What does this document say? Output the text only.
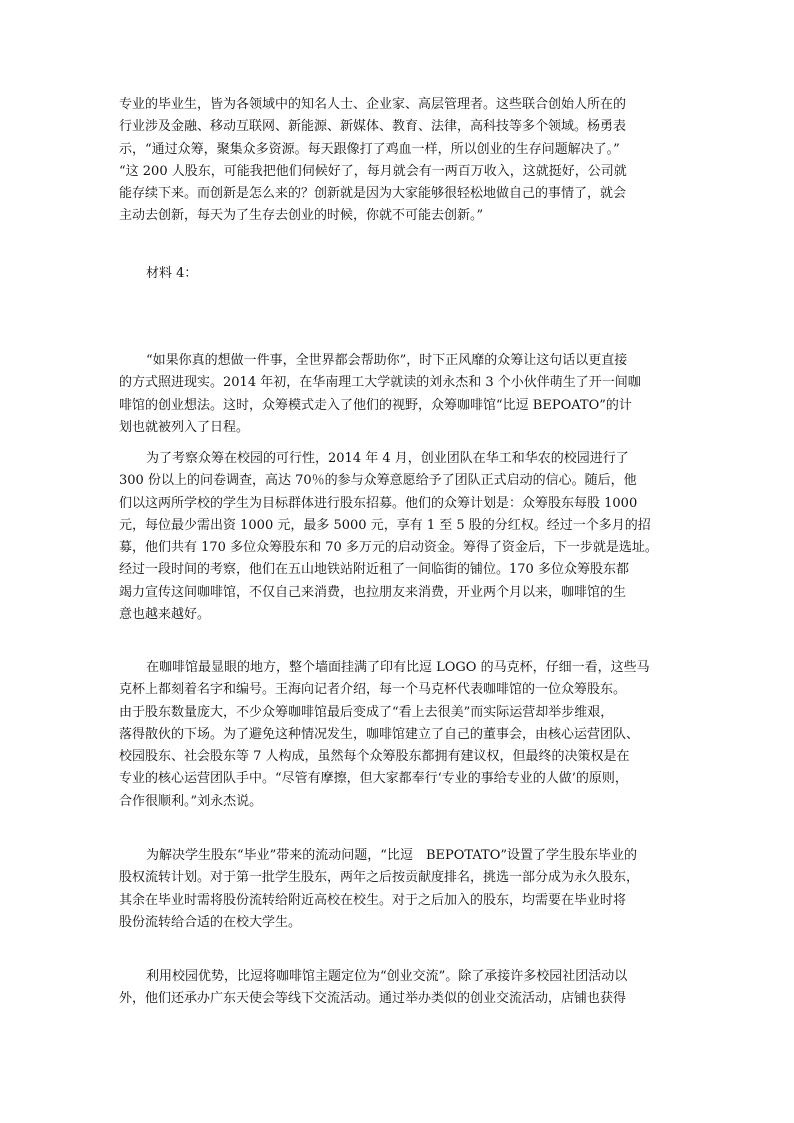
专业的毕业生，皆为各领域中的知名人士、企业家、高层管理者。这些联合创始人所在的
行业涉及金融、移动互联网、新能源、新媒体、教育、法律，高科技等多个领域。杨勇表
示，“通过众筹，聚集众多资源。每天跟像打了鸡血一样，所以创业的生存问题解决了。”
“这 200 人股东，可能我把他们伺候好了，每月就会有一两百万收入，这就挺好，公司就
能存续下来。而创新是怎么来的？创新就是因为大家能够很轻松地做自己的事情了，就会
主动去创新，每天为了生存去创业的时候，你就不可能去创新。”
材料 4：
“如果你真的想做一件事，全世界都会帮助你”，时下正风靡的众筹让这句话以更直接
的方式照进现实。2014 年初，在华南理工大学就读的刘永杰和 3 个小伙伴萌生了开一间咖
啡馆的创业想法。这时，众筹模式走入了他们的视野，众筹咖啡馆“比逗 BEPOATO”的计
划也就被列入了日程。
为了考察众筹在校园的可行性，2014 年 4 月，创业团队在华工和华农的校园进行了
300 份以上的问卷调查，高达 70％的参与众筹意愿给予了团队正式启动的信心。随后，他
们以这两所学校的学生为目标群体进行股东招募。他们的众筹计划是：众筹股东每股 1000
元，每位最少需出资 1000 元，最多 5000 元，享有 1 至 5 股的分红权。经过一个多月的招
募，他们共有 170 多位众筹股东和 70 多万元的启动资金。筹得了资金后，下一步就是选址。
经过一段时间的考察，他们在五山地铁站附近租了一间临街的铺位。170 多位众筹股东都
竭力宣传这间咖啡馆，不仅自己来消费，也拉朋友来消费，开业两个月以来，咖啡馆的生
意也越来越好。
在咖啡馆最显眼的地方，整个墙面挂满了印有比逗 LOGO 的马克杯，仔细一看，这些马
克杯上都刻着名字和编号。王海向记者介绍，每一个马克杯代表咖啡馆的一位众筹股东。
由于股东数量庞大，不少众筹咖啡馆最后变成了“看上去很美”而实际运营却举步维艰，
落得散伙的下场。为了避免这种情况发生，咖啡馆建立了自己的董事会，由核心运营团队、
校园股东、社会股东等 7 人构成，虽然每个众筹股东都拥有建议权，但最终的决策权是在
专业的核心运营团队手中。“尽管有摩擦，但大家都奉行‘专业的事给专业的人做’的原则，
合作很顺利。”刘永杰说。
为解决学生股东“毕业”带来的流动问题，“比逗　BEPOTATO”设置了学生股东毕业的
股权流转计划。对于第一批学生股东，两年之后按贡献度排名，挑选一部分成为永久股东，
其余在毕业时需将股份流转给附近高校在校生。对于之后加入的股东，均需要在毕业时将
股份流转给合适的在校大学生。
利用校园优势，比逗将咖啡馆主题定位为“创业交流”。除了承接许多校园社团活动以
外，他们还承办广东天使会等线下交流活动。通过举办类似的创业交流活动，店铺也获得
